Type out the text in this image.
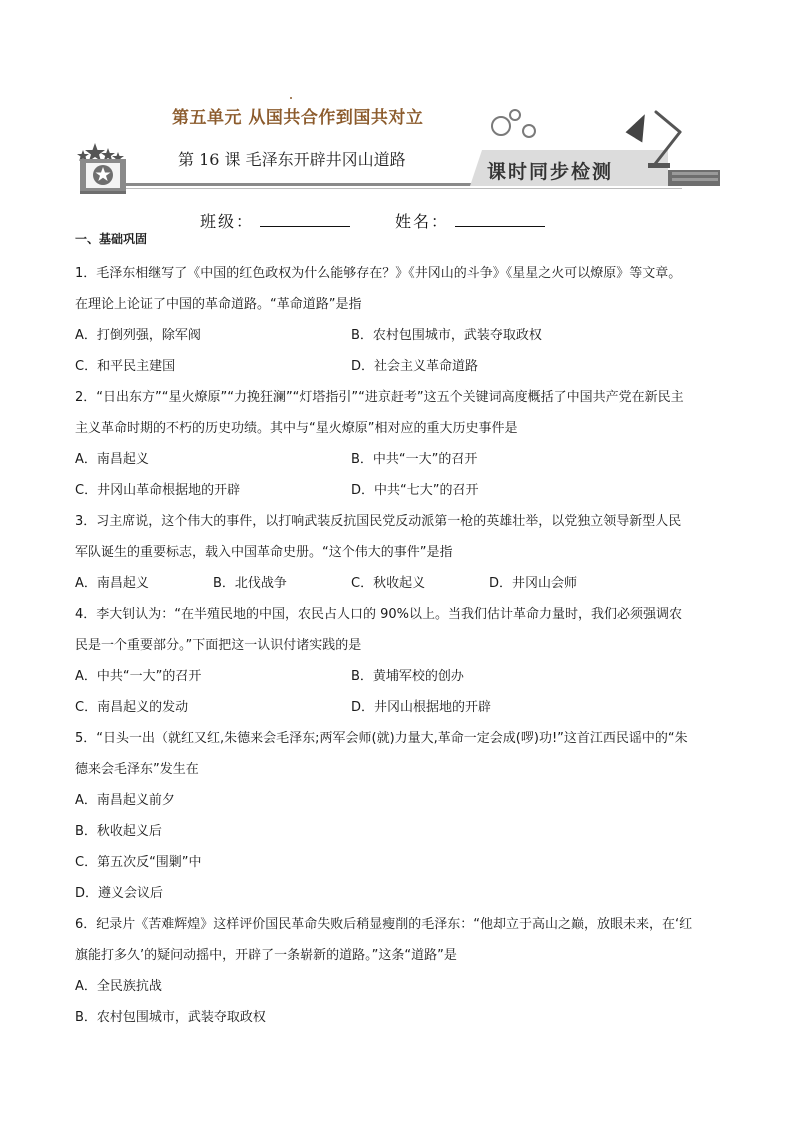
第五单元 从国共合作到国共对立
第 16 课 毛泽东开辟井冈山道路
课时同步检测
班级：	姓名：
一、基础巩固
1．毛泽东相继写了《中国的红色政权为什么能够存在？》《井冈山的斗争》《星星之火可以燎原》等文章。
在理论上论证了中国的革命道路。“革命道路”是指
A．打倒列强，除军阀	B．农村包围城市，武装夺取政权
C．和平民主建国	D．社会主义革命道路
2．“日出东方”“星火燎原”“力挽狂澜”“灯塔指引”“进京赶考”这五个关键词高度概括了中国共产党在新民主
主义革命时期的不朽的历史功绩。其中与“星火燎原”相对应的重大历史事件是
A．南昌起义	B．中共“一大”的召开
C．井冈山革命根据地的开辟	D．中共“七大”的召开
3．习主席说，这个伟大的事件，以打响武装反抗国民党反动派第一枪的英雄壮举，以党独立领导新型人民
军队诞生的重要标志，载入中国革命史册。“这个伟大的事件”是指
A．南昌起义	B．北伐战争	C．秋收起义	D．井冈山会师
4．李大钊认为：“在半殖民地的中国，农民占人口的 90%以上。当我们估计革命力量时，我们必须强调农
民是一个重要部分。”下面把这一认识付诸实践的是
A．中共“一大”的召开	B．黄埔军校的创办
C．南昌起义的发动	D．井冈山根据地的开辟
5．“日头一出（就红又红,朱德来会毛泽东;两军会师(就)力量大,革命一定会成(啰)功!”这首江西民谣中的“朱
德来会毛泽东”发生在
A．南昌起义前夕
B．秋收起义后
C．第五次反“围剿”中
D．遵义会议后
6．纪录片《苦难辉煌》这样评价国民革命失败后稍显瘦削的毛泽东：“他却立于高山之巅，放眼未来，在‘红
旗能打多久’的疑问动摇中，开辟了一条崭新的道路。”这条“道路”是
A．全民族抗战
B．农村包围城市，武装夺取政权
